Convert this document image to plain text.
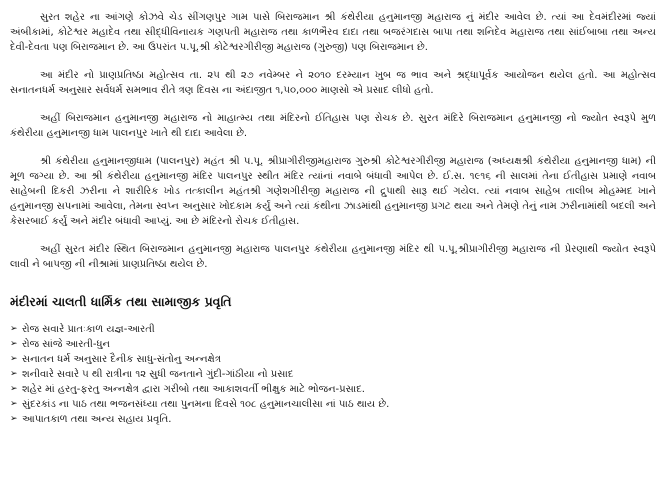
સુરત શહેર ના આંગણે કોઝવે ચેડ સીંગણપુર ગામ પાસે બિરાજમાન શ્રી કંથેરીયા હનુમાનજી મહારાજ નું મંદીર આવેલ છે. ત્યાં આ દેવમંદીરમાં જ્યાં અંબીકામાં, કોટેશ્વર મહાદેવ તથા સીદ્ધીવિનાયક ગણપતી મહારાજ તથા કાળભૈરવ દાદા તથા બજરંગદાસ બાપા તથા શનિદેવ મહારાજ તથા સાંઈબાબા તથા અન્ય દેવી-દેવતા પણ બિરાજમાન છે. આ ઉપરાંત પ.પૂ.શ્રી કોટેશ્વરગીરીજી મહારાજ (ગુરુજી) પણ બિરાજમાન છે.

આ મંદીર નો પ્રાણપ્રતિષ્ઠા મહોત્સવ તા. ૨૫ થી ૨૭ નવેમ્બર ને ૨૦૧૦ દરમ્યાન ખુબ જ ભાવ અને શ્રદ્ધાપૂર્વક આયોજન થયેલ હતો. આ મહોત્સવ સનાતનધર્મ અનુસાર સર્વધર્મ સમભાવ રીતે ત્રણ દિવસ ના અંદાજીત ૧,૫૦,૦૦૦ માણસો એ પ્રસાદ લીધો હતો.

અહીં બિરાજમાન હનુમાનજી મહારાજ નો માહાત્મ્ય તથા મંદિરનો ઈતિહાસ પણ રોચક છે. સુરત મંદિરે બિરાજમાન હનુમાનજી નો જ્યોત સ્વરૂપે મુળ કંથેરીયા હનુમાનજી ધામ પાલનપુર ખાતે થી દાદા આવેલા છે.

શ્રી કંથેરીયા હનુમાનજીધામ (પાલનપુર) મહંત શ્રી પ.પૂ. શ્રીપ્રાગીરીજીમહારાજ ગુરુશ્રી કોટેશ્વરગીરીજી મહારાજ (અધ્યક્ષશ્રી કંથેરીયા હનુમાનજી ધામ) ની મૂળ જગ્યા છે. આ શ્રી કંથેરીયા હનુમાનજી મંદિર પાલનપુર સ્થીત મંદિર ત્યાંનાં નવાબે બંધાવી આપેલ છે. ઈ.સ. ૧૯૧૬ ની સાલમાં તેના ઈતીહાસ પ્રમાણે નવાબ સાહેબની દિકરી ઝરીના ને શારીરિક ખોડ તત્કાલીન મહંતશ્રી ગણેશગીરીજી મહારાજ ની દ્રુપાથી સારૂ થઈ ગયેલ. ત્યાં નવાબ સાહેબ તાલીબ મોહમ્મદ ખાને હનુમાનજી સપનામાં આવેલા, તેમના સ્વપ્ન અનુસાર ખોદકામ કર્યું અને ત્યાં કંથીના ઝાડમાંથી હનુમાનજી પ્રગટ થયા અને તેમણે તેનું નામ ઝરીનામાંથી બદલી અને કેસરબાઈ કર્યું અને મંદીર બંધાવી આપ્યું. આ છે મંદિરનો રોચક ઈતીહાસ.

અહીં સુરત મંદીર સ્થિત બિરાજમાન હનુમાનજી મહારાજ પાલનપુર કંથેરીયા હનુમાનજી મંદિર થી પ.પૂ.શ્રીપ્રાગીરીજી મહારાજ ની પ્રેરણાથી જ્યોત સ્વરૂપે લાવી ને બાપજી ની નીશ્રામાં પ્રાણપ્રતિષ્ઠા થયેલ છે.

મંદીરમાં ચાલતી ધાર્મિક તથા સામાજીક પ્રવૃતિ
➢ રોજ સવારે પ્રાતઃકાળ યજ્ઞ-આરતી
➢ રોજ સાંજે આરતી-ધુન
➢ સનાતન ધર્મ અનુસાર દૈનીક સાધુ-સંતોનુ અન્નક્ષેત્ર
➢ શનીવારે સવારે ૫ થી રાત્રીના ૧૨ સુધી જનતાને ગુંદી-ગાંઠીયા નો પ્રસાદ
➢ શહેર માં હરતુ-ફરતુ અન્નક્ષેત્ર દ્વારા ગરીબો તથા આકાશવર્તી ભીક્ષુક માટે ભોજન-પ્રસાદ.
➢ સુંદરકાંડ ના પાઠ તથા ભજનસંધ્યા તથા પુનમના દિવસે ૧૦૮ હનુમાનચાલીસા નાં પાઠ થાય છે.
➢ આપાતકાળ તથા અન્ય સહાય પ્રવૃતિ.
